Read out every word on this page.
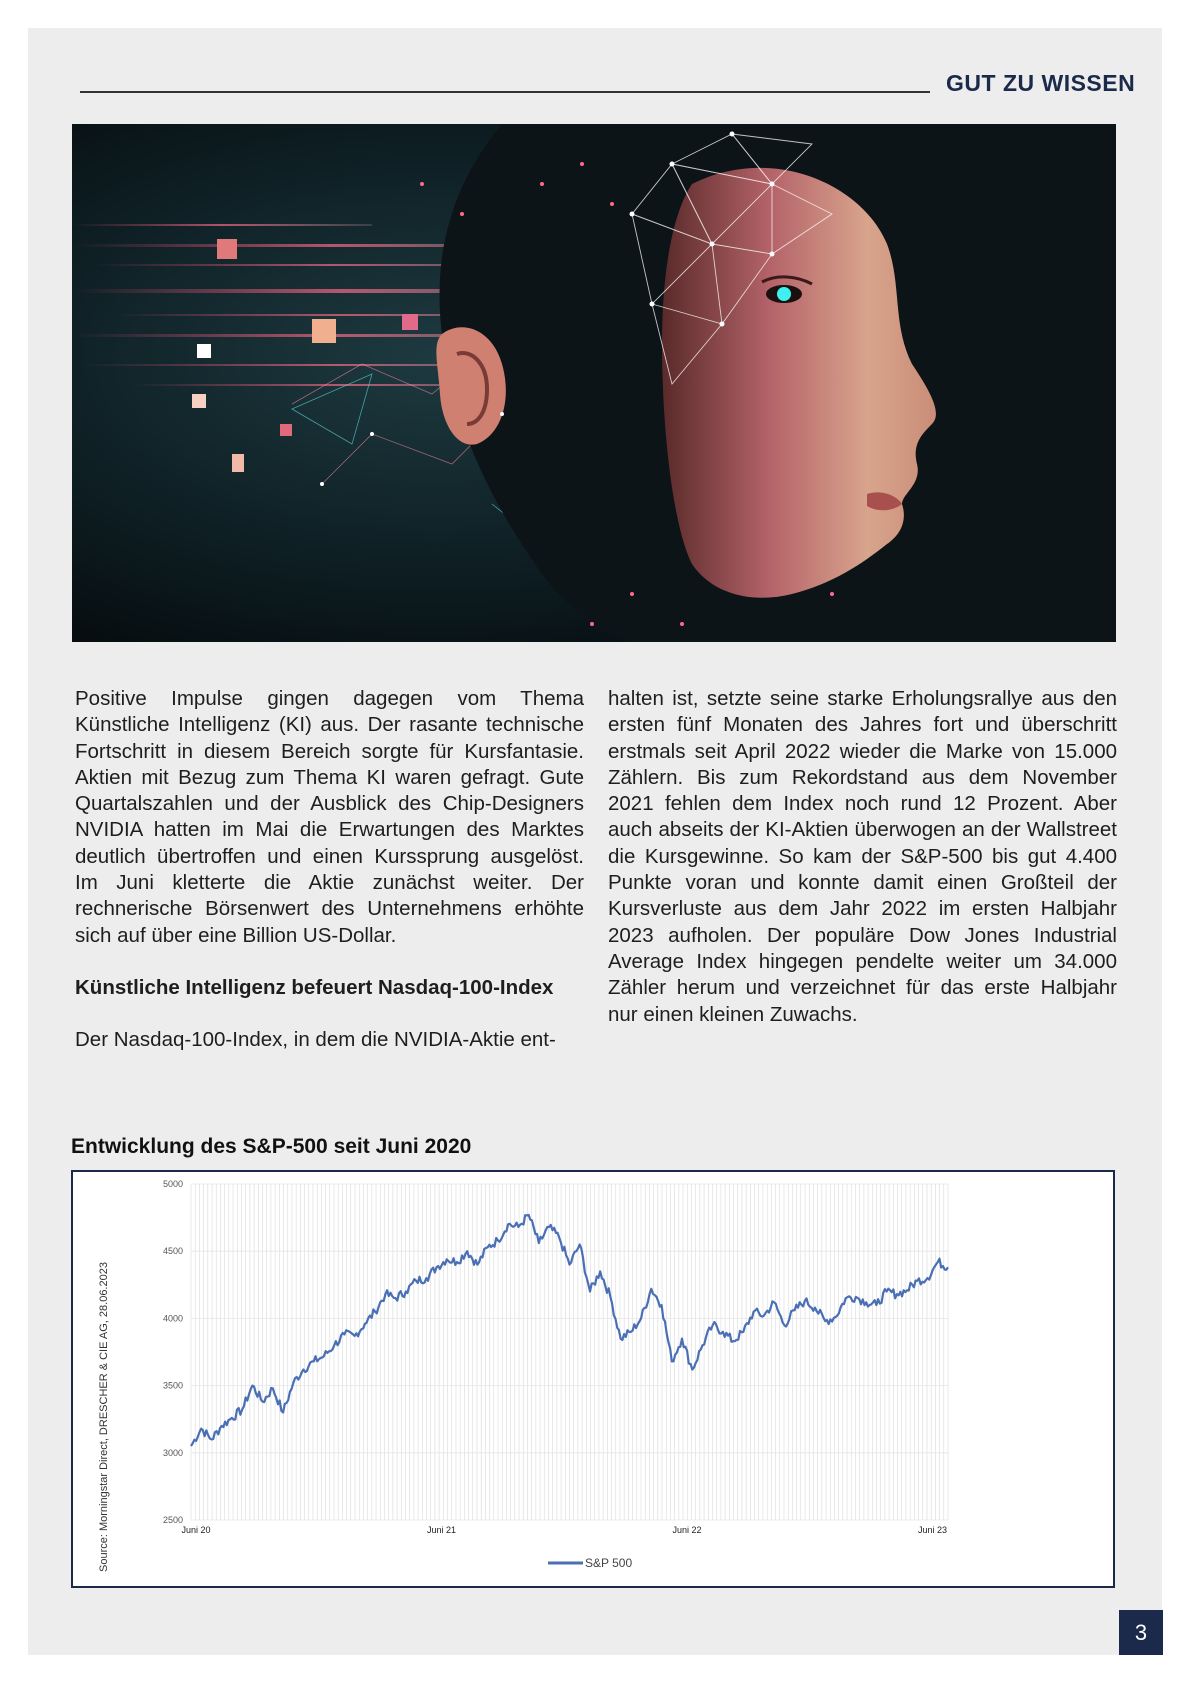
GUT ZU WISSEN

Positive Impulse gingen dagegen vom Thema Künstliche Intelligenz (KI) aus. Der rasante technische Fortschritt in diesem Bereich sorgte für Kursfantasie. Aktien mit Bezug zum Thema KI waren gefragt. Gute Quartalszahlen und der Ausblick des Chip-Designers NVIDIA hatten im Mai die Erwartungen des Marktes deutlich übertroffen und einen Kurssprung ausgelöst. Im Juni kletterte die Aktie zunächst weiter. Der rechnerische Börsenwert des Unternehmens erhöhte sich auf über eine Billion US-Dollar.

Künstliche Intelligenz befeuert Nasdaq-100-Index

Der Nasdaq-100-Index, in dem die NVIDIA-Aktie ent-

halten ist, setzte seine starke Erholungsrallye aus den ersten fünf Monaten des Jahres fort und überschritt erstmals seit April 2022 wieder die Marke von 15.000 Zählern. Bis zum Rekordstand aus dem November 2021 fehlen dem Index noch rund 12 Prozent. Aber auch abseits der KI-Aktien überwogen an der Wallstreet die Kursgewinne. So kam der S&P-500 bis gut 4.400 Punkte voran und konnte damit einen Großteil der Kursverluste aus dem Jahr 2022 im ersten Halbjahr 2023 aufholen. Der populäre Dow Jones Industrial Average Index hingegen pendelte weiter um 34.000 Zähler herum und verzeichnet für das erste Halbjahr nur einen kleinen Zuwachs.

Entwicklung des S&P-500 seit Juni 2020
2500
3000
3500
4000
4500
5000
Juni 20	Juni 21	Juni 22	Juni 23
Source: Morningstar Direct, DRESCHER & CIE AG, 28.06.2023	S&P 500
3
